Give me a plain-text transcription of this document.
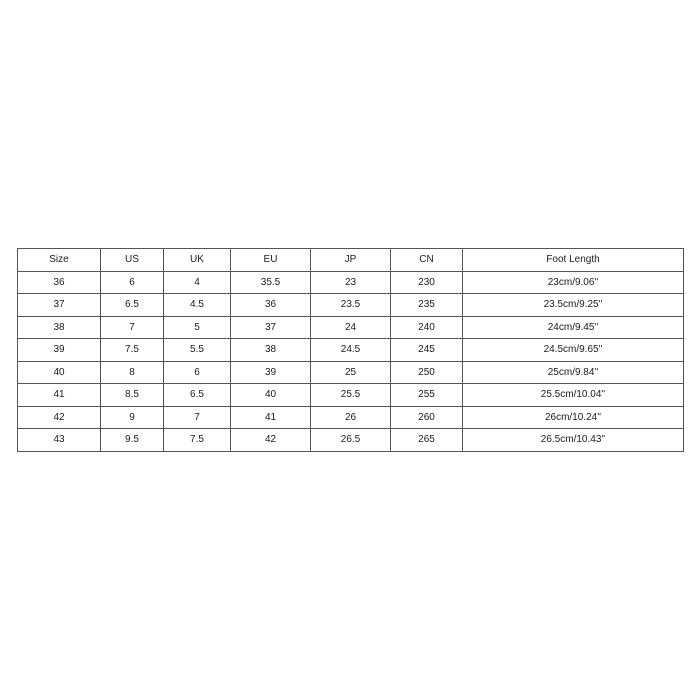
Size	US	UK	EU	JP	CN	Foot Length
36	6	4	35.5	23	230	23cm/9.06''
37	6.5	4.5	36	23.5	235	23.5cm/9.25''
38	7	5	37	24	240	24cm/9.45''
39	7.5	5.5	38	24.5	245	24.5cm/9.65''
40	8	6	39	25	250	25cm/9.84''
41	8.5	6.5	40	25.5	255	25.5cm/10.04''
42	9	7	41	26	260	26cm/10.24''
43	9.5	7.5	42	26.5	265	26.5cm/10.43''
